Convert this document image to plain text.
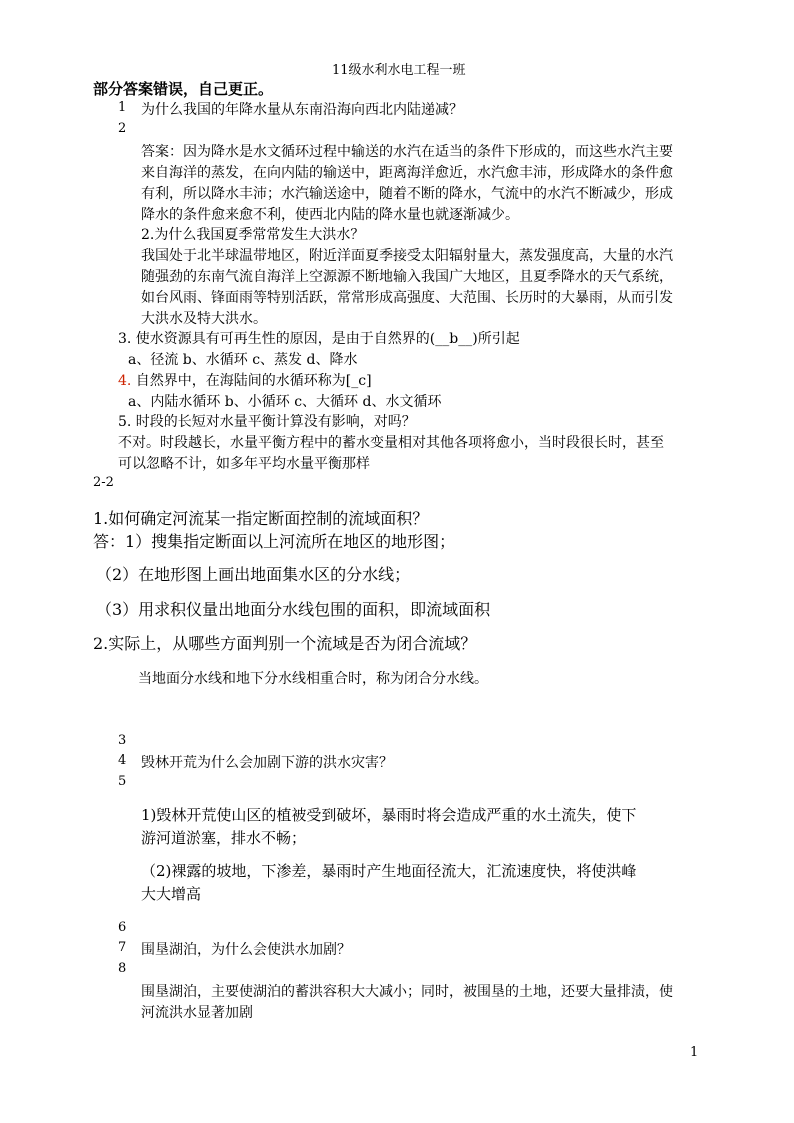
11级水利水电工程一班
部分答案错误，自己更正。
1 为什么我国的年降水量从东南沿海向西北内陆递减？
2
答案：因为降水是水文循环过程中输送的水汽在适当的条件下形成的，而这些水汽主要
来自海洋的蒸发，在向内陆的输送中，距离海洋愈近，水汽愈丰沛，形成降水的条件愈
有利，所以降水丰沛；水汽输送途中，随着不断的降水，气流中的水汽不断减少，形成
降水的条件愈来愈不利，使西北内陆的降水量也就逐渐减少。
2.为什么我国夏季常常发生大洪水？
我国处于北半球温带地区，附近洋面夏季接受太阳辐射量大，蒸发强度高，大量的水汽
随强劲的东南气流自海洋上空源源不断地输入我国广大地区，且夏季降水的天气系统，
如台风雨、锋面雨等特别活跃，常常形成高强度、大范围、长历时的大暴雨，从而引发
大洪水及特大洪水。
3. 使水资源具有可再生性的原因，是由于自然界的(__b__)所引起
a、径流 b、水循环 c、蒸发 d、降水
4. 自然界中，在海陆间的水循环称为[_c]
a、内陆水循环 b、小循环 c、大循环 d、水文循环
5. 时段的长短对水量平衡计算没有影响，对吗？
不对。时段越长，水量平衡方程中的蓄水变量相对其他各项将愈小，当时段很长时，甚至
可以忽略不计，如多年平均水量平衡那样
2-2
1.如何确定河流某一指定断面控制的流域面积？
答：1）搜集指定断面以上河流所在地区的地形图；
（2）在地形图上画出地面集水区的分水线；
（3）用求积仪量出地面分水线包围的面积，即流域面积
2.实际上，从哪些方面判别一个流域是否为闭合流域？
当地面分水线和地下分水线相重合时，称为闭合分水线。
3
4 毁林开荒为什么会加剧下游的洪水灾害？
5
1)毁林开荒使山区的植被受到破坏，暴雨时将会造成严重的水土流失，使下
游河道淤塞，排水不畅；
（2)裸露的坡地，下渗差，暴雨时产生地面径流大，汇流速度快，将使洪峰
大大增高
6
7 围垦湖泊，为什么会使洪水加剧？
8
围垦湖泊，主要使湖泊的蓄洪容积大大减小；同时，被围垦的土地，还要大量排渍，使
河流洪水显著加剧
1
